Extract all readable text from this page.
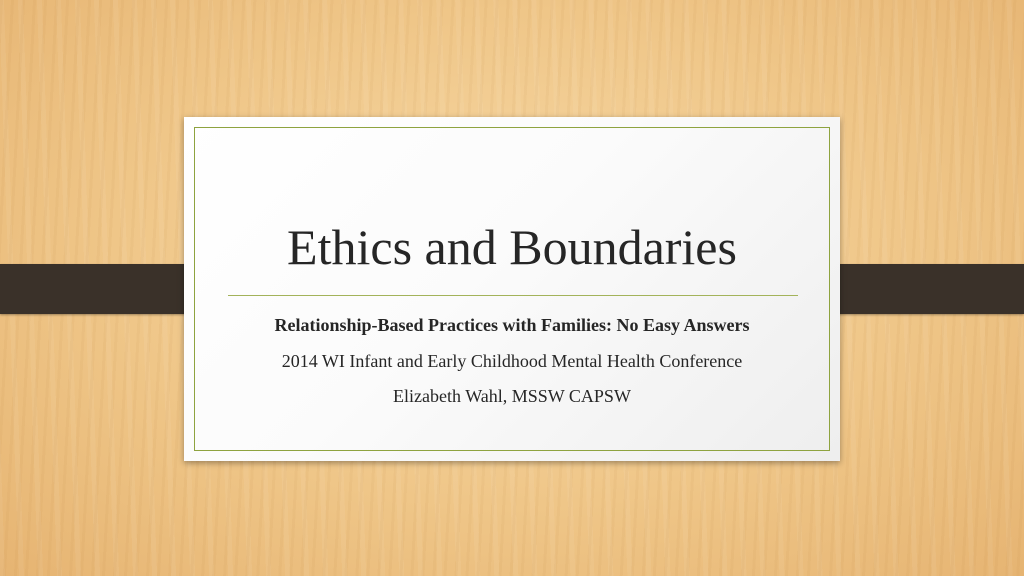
Ethics and Boundaries

Relationship-Based Practices with Families: No Easy Answers

2014 WI Infant and Early Childhood Mental Health Conference

Elizabeth Wahl, MSSW CAPSW
